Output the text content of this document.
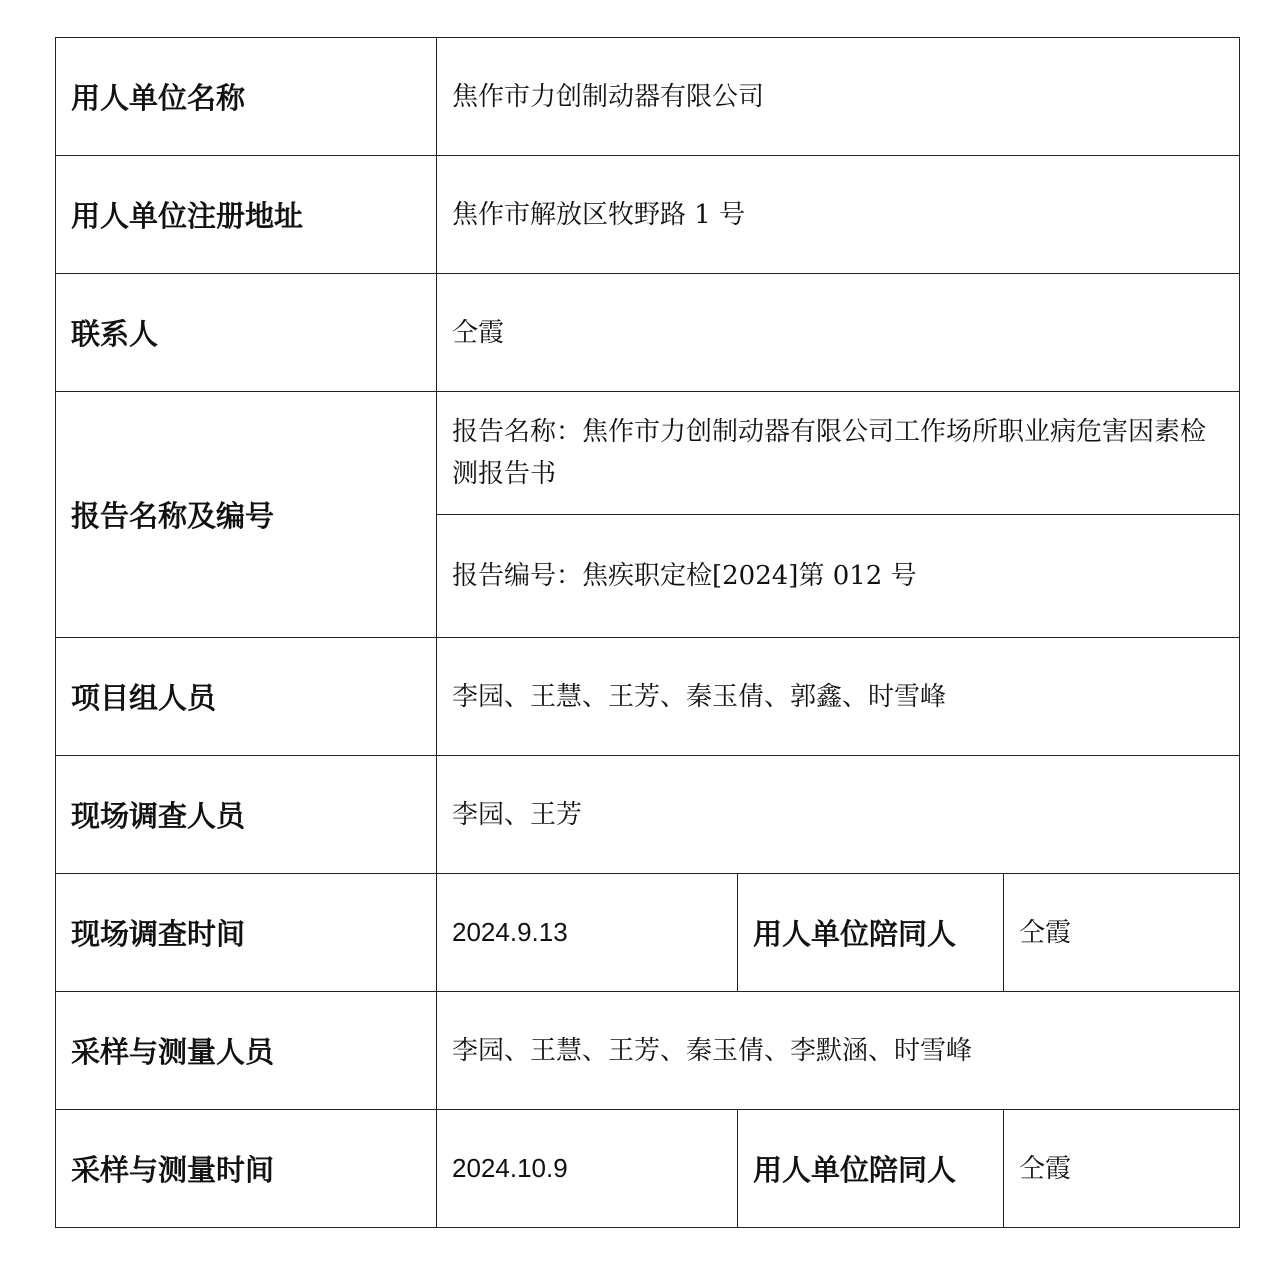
用人单位名称	焦作市力创制动器有限公司		
用人单位注册地址	焦作市解放区牧野路 1 号		
联系人	仝霞		
报告名称及编号	报告名称：焦作市力创制动器有限公司工作场所职业病危害因素检测报告书		
	报告编号：焦疾职定检[2024]第 012 号		
项目组人员	李园、王慧、王芳、秦玉倩、郭鑫、时雪峰		
现场调查人员	李园、王芳		
现场调查时间	2024.9.13	用人单位陪同人	仝霞
采样与测量人员	李园、王慧、王芳、秦玉倩、李默涵、时雪峰		
采样与测量时间	2024.10.9	用人单位陪同人	仝霞
